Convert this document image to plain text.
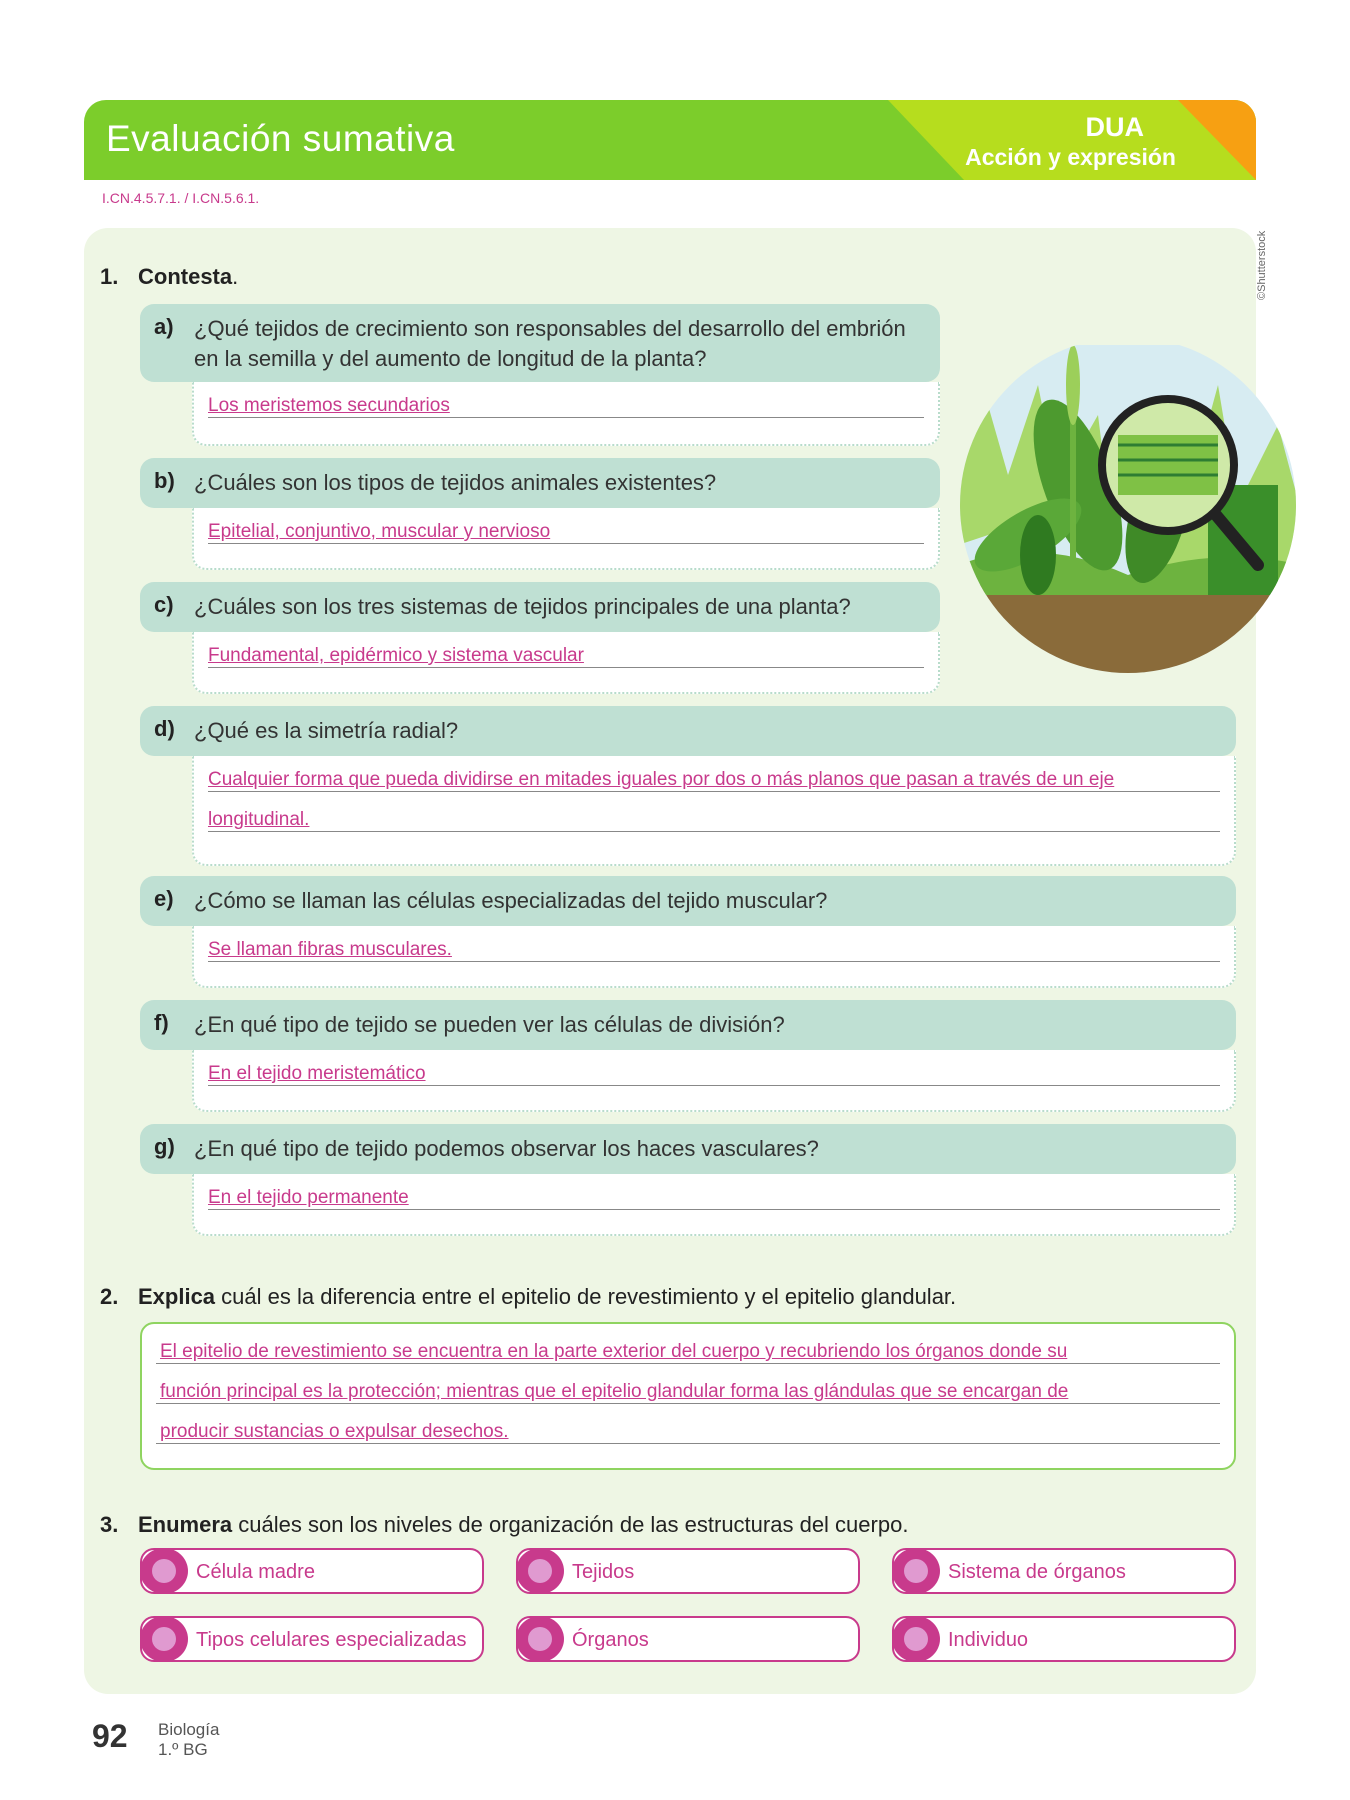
Evaluación sumativa	DUA
Acción y expresión
I.CN.4.5.7.1. / I.CN.5.6.1.
1. Contesta.
a) ¿Qué tejidos de crecimiento son responsables del desarrollo del embrión en la semilla y del aumento de longitud de la planta?
Los meristemos secundarios
b) ¿Cuáles son los tipos de tejidos animales existentes?
Epitelial, conjuntivo, muscular y nervioso
c) ¿Cuáles son los tres sistemas de tejidos principales de una planta?
Fundamental, epidérmico y sistema vascular
d) ¿Qué es la simetría radial?
Cualquier forma que pueda dividirse en mitades iguales por dos o más planos que pasan a través de un eje
longitudinal.
e) ¿Cómo se llaman las células especializadas del tejido muscular?
Se llaman fibras musculares.
f) ¿En qué tipo de tejido se pueden ver las células de división?
En el tejido meristemático
g) ¿En qué tipo de tejido podemos observar los haces vasculares?
En el tejido permanente
©Shutterstock
2. Explica cuál es la diferencia entre el epitelio de revestimiento y el epitelio glandular.
El epitelio de revestimiento se encuentra en la parte exterior del cuerpo y recubriendo los órganos donde su
función principal es la protección; mientras que el epitelio glandular forma las glándulas que se encargan de
producir sustancias o expulsar desechos.
3. Enumera cuáles son los niveles de organización de las estructuras del cuerpo.
Célula madre	Tejidos	Sistema de órganos
Tipos celulares especializadas	Órganos	Individuo
92 Biología
1.º BG
